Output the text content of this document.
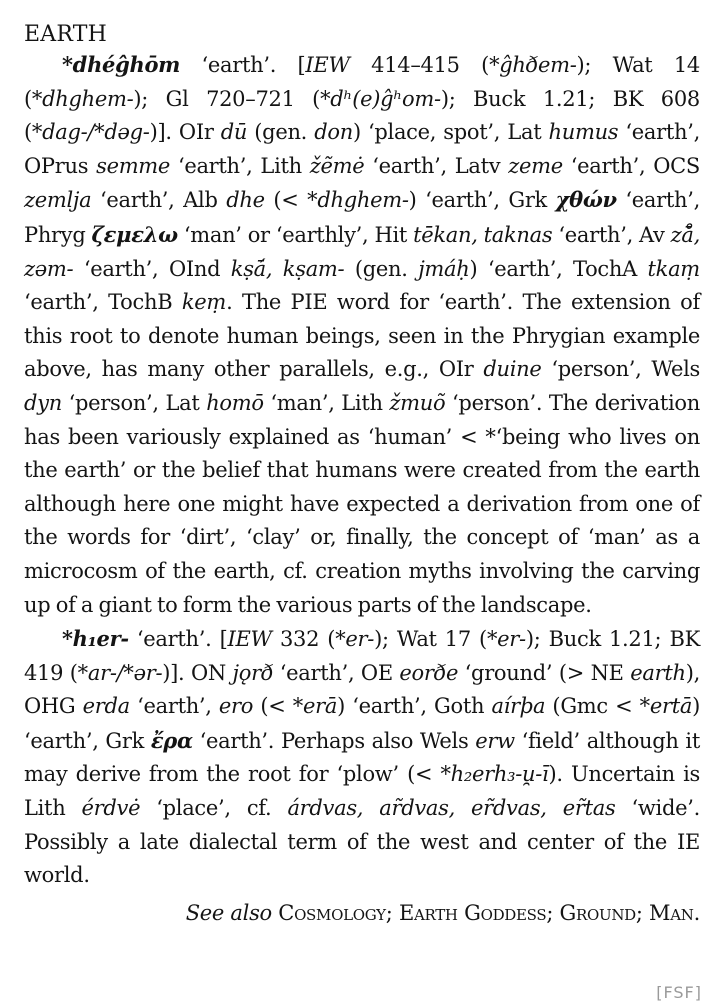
EARTH

*dhéĝhōm ‘earth’. [IEW 414–415 (*ĝhðem-); Wat 14 (*dhghem-); Gl 720–721 (*dʰ(e)ĝʰom-); Buck 1.21; BK 608 (*dag-/*dəg-)]. OIr dū (gen. don) ‘place, spot’, Lat humus ‘earth’, OPrus semme ‘earth’, Lith žẽmė ‘earth’, Latv zeme ‘earth’, OCS zemlja ‘earth’, Alb dhe (< *dhghem-) ‘earth’, Grk χθών ‘earth’, Phryg ζεμελω ‘man’ or ‘earthly’, Hit tēkan, taknas ‘earth’, Av zā̊, zəm- ‘earth’, OInd kṣā́, kṣam- (gen. jmáḥ) ‘earth’, TochA tkaṃ ‘earth’, TochB keṃ. The PIE word for ‘earth’. The extension of this root to denote human beings, seen in the Phrygian example above, has many other parallels, e.g., OIr duine ‘person’, Wels dyn ‘person’, Lat homō ‘man’, Lith žmuõ ‘person’. The derivation has been variously explained as ‘human’ < *‘being who lives on the earth’ or the belief that humans were created from the earth although here one might have expected a derivation from one of the words for ‘dirt’, ‘clay’ or, finally, the concept of ‘man’ as a microcosm of the earth, cf. creation myths involving the carving up of a giant to form the various parts of the landscape.

*h₁er- ‘earth’. [IEW 332 (*er-); Wat 17 (*er-); Buck 1.21; BK 419 (*ar-/*ər-)]. ON jǫrð ‘earth’, OE eorðe ‘ground’ (> NE earth), OHG erda ‘earth’, ero (< *erā) ‘earth’, Goth aírþa (Gmc < *ertā) ‘earth’, Grk ἔρα ‘earth’. Perhaps also Wels erw ‘field’ although it may derive from the root for ‘plow’ (< *h₂erh₃-u̯-ī). Uncertain is Lith érdvė ‘place’, cf. árdvas, ar̃dvas, er̃dvas, er̃tas ‘wide’. Possibly a late dialectal term of the west and center of the IE world.

See also Cosmology; Earth Goddess; Ground; Man.

[FSF]
